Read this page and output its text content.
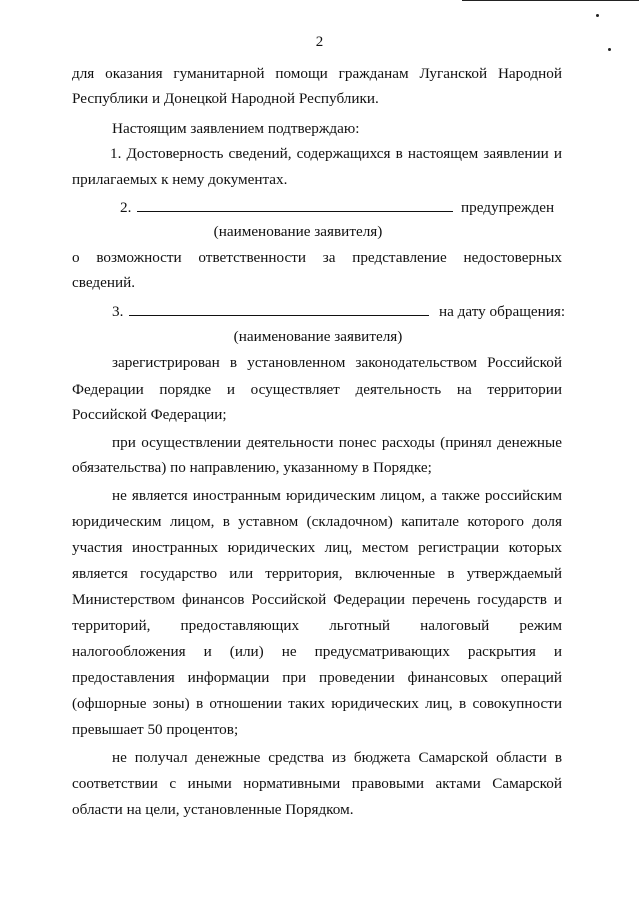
2
для оказания гуманитарной помощи гражданам Луганской Народной
Республики и Донецкой Народной Республики.
Настоящим заявлением подтверждаю:
1. Достоверность сведений, содержащихся в настоящем заявлении и
прилагаемых к нему документах.
2.	предупрежден
(наименование заявителя)
о возможности ответственности за представление недостоверных
сведений.
3.	на дату обращения:
(наименование заявителя)
зарегистрирован в установленном законодательством Российской
Федерации порядке и осуществляет деятельность на территории
Российской Федерации;
при осуществлении деятельности понес расходы (принял денежные
обязательства) по направлению, указанному в Порядке;
не является иностранным юридическим лицом, а также российским
юридическим лицом, в уставном (складочном) капитале которого доля
участия иностранных юридических лиц, местом регистрации которых
является государство или территория, включенные в утверждаемый
Министерством финансов Российской Федерации перечень государств и
территорий, предоставляющих льготный налоговый режим
налогообложения и (или) не предусматривающих раскрытия и
предоставления информации при проведении финансовых операций
(офшорные зоны) в отношении таких юридических лиц, в совокупности
превышает 50 процентов;
не получал денежные средства из бюджета Самарской области в
соответствии с иными нормативными правовыми актами Самарской
области на цели, установленные Порядком.
